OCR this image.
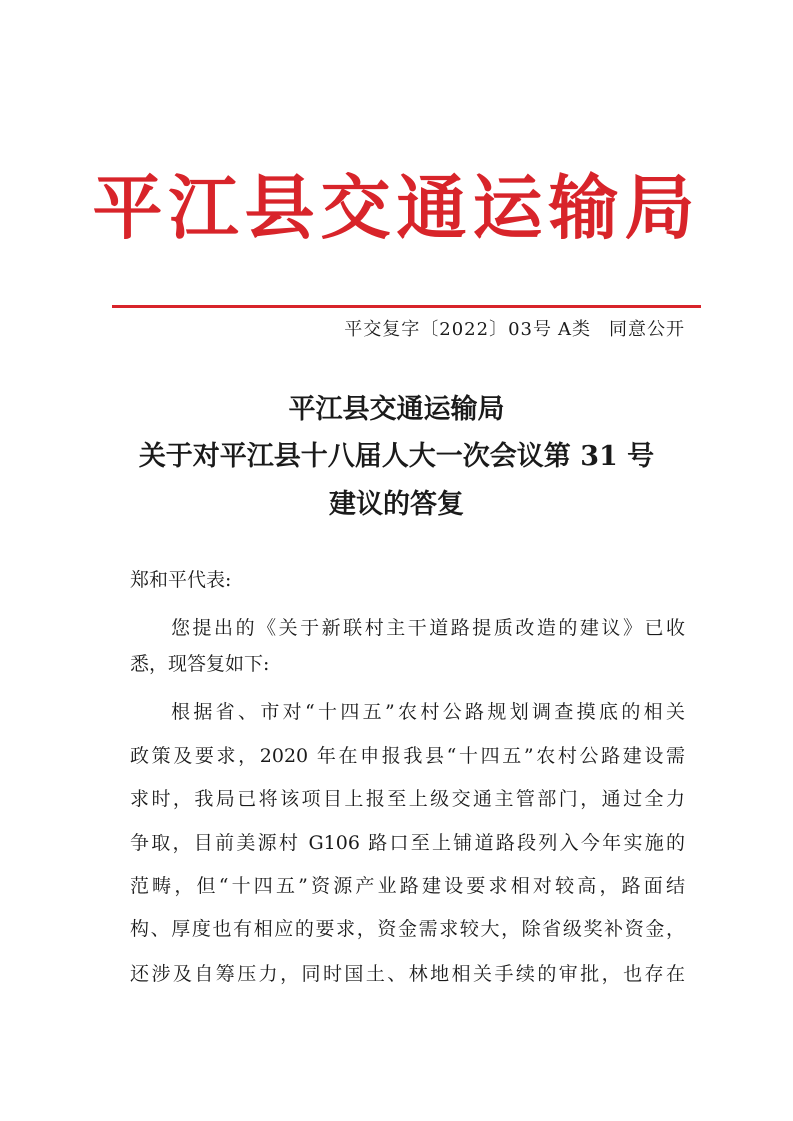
平江县交通运输局
平交复字〔2022〕03号 A类 同意公开
平江县交通运输局
关于对平江县十八届人大一次会议第 31 号
建议的答复
郑和平代表:
您提出的《关于新联村主干道路提质改造的建议》已收
悉，现答复如下:
根据省、市对“十四五”农村公路规划调查摸底的相关
政策及要求，2020 年在申报我县“十四五”农村公路建设需
求时，我局已将该项目上报至上级交通主管部门，通过全力
争取，目前美源村 G106 路口至上铺道路段列入今年实施的
范畴，但“十四五”资源产业路建设要求相对较高，路面结
构、厚度也有相应的要求，资金需求较大，除省级奖补资金，
还涉及自筹压力，同时国土、林地相关手续的审批，也存在
